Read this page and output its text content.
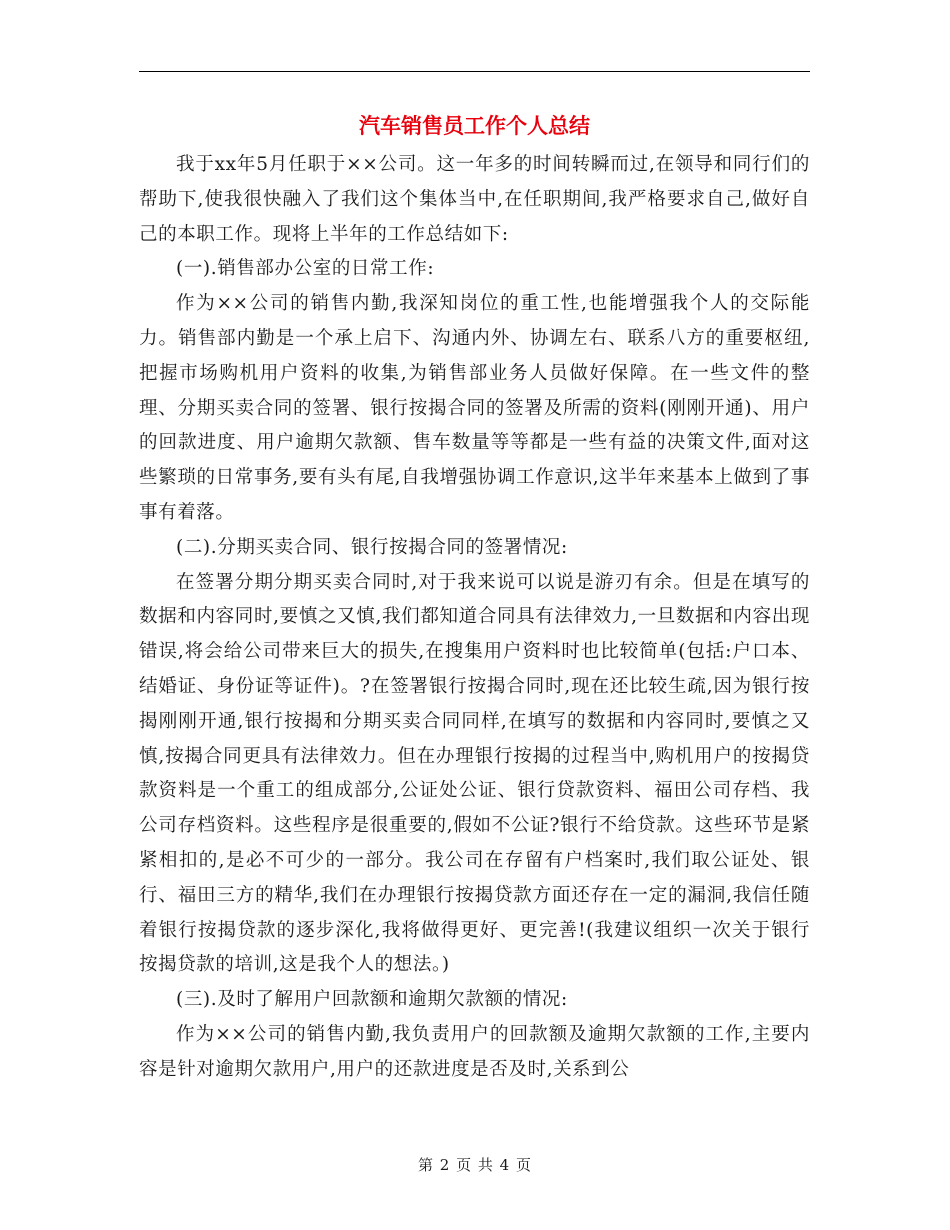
汽车销售员工作个人总结

我于xx年5月任职于××公司。这一年多的时间转瞬而过,在领导和同行们的帮助下,使我很快融入了我们这个集体当中,在任职期间,我严格要求自己,做好自己的本职工作。现将上半年的工作总结如下:

(一).销售部办公室的日常工作:

作为××公司的销售内勤,我深知岗位的重工性,也能增强我个人的交际能力。销售部内勤是一个承上启下、沟通内外、协调左右、联系八方的重要枢纽,把握市场购机用户资料的收集,为销售部业务人员做好保障。在一些文件的整理、分期买卖合同的签署、银行按揭合同的签署及所需的资料(刚刚开通)、用户的回款进度、用户逾期欠款额、售车数量等等都是一些有益的决策文件,面对这些繁琐的日常事务,要有头有尾,自我增强协调工作意识,这半年来基本上做到了事事有着落。

(二).分期买卖合同、银行按揭合同的签署情况:

在签署分期分期买卖合同时,对于我来说可以说是游刃有余。但是在填写的数据和内容同时,要慎之又慎,我们都知道合同具有法律效力,一旦数据和内容出现错误,将会给公司带来巨大的损失,在搜集用户资料时也比较简单(包括:户口本、结婚证、身份证等证件)。?在签署银行按揭合同时,现在还比较生疏,因为银行按揭刚刚开通,银行按揭和分期买卖合同同样,在填写的数据和内容同时,要慎之又慎,按揭合同更具有法律效力。但在办理银行按揭的过程当中,购机用户的按揭贷款资料是一个重工的组成部分,公证处公证、银行贷款资料、福田公司存档、我公司存档资料。这些程序是很重要的,假如不公证?银行不给贷款。这些环节是紧紧相扣的,是必不可少的一部分。我公司在存留有户档案时,我们取公证处、银行、福田三方的精华,我们在办理银行按揭贷款方面还存在一定的漏洞,我信任随着银行按揭贷款的逐步深化,我将做得更好、更完善!(我建议组织一次关于银行按揭贷款的培训,这是我个人的想法。)

(三).及时了解用户回款额和逾期欠款额的情况:

作为××公司的销售内勤,我负责用户的回款额及逾期欠款额的工作,主要内容是针对逾期欠款用户,用户的还款进度是否及时,关系到公

第 2 页 共 4 页
